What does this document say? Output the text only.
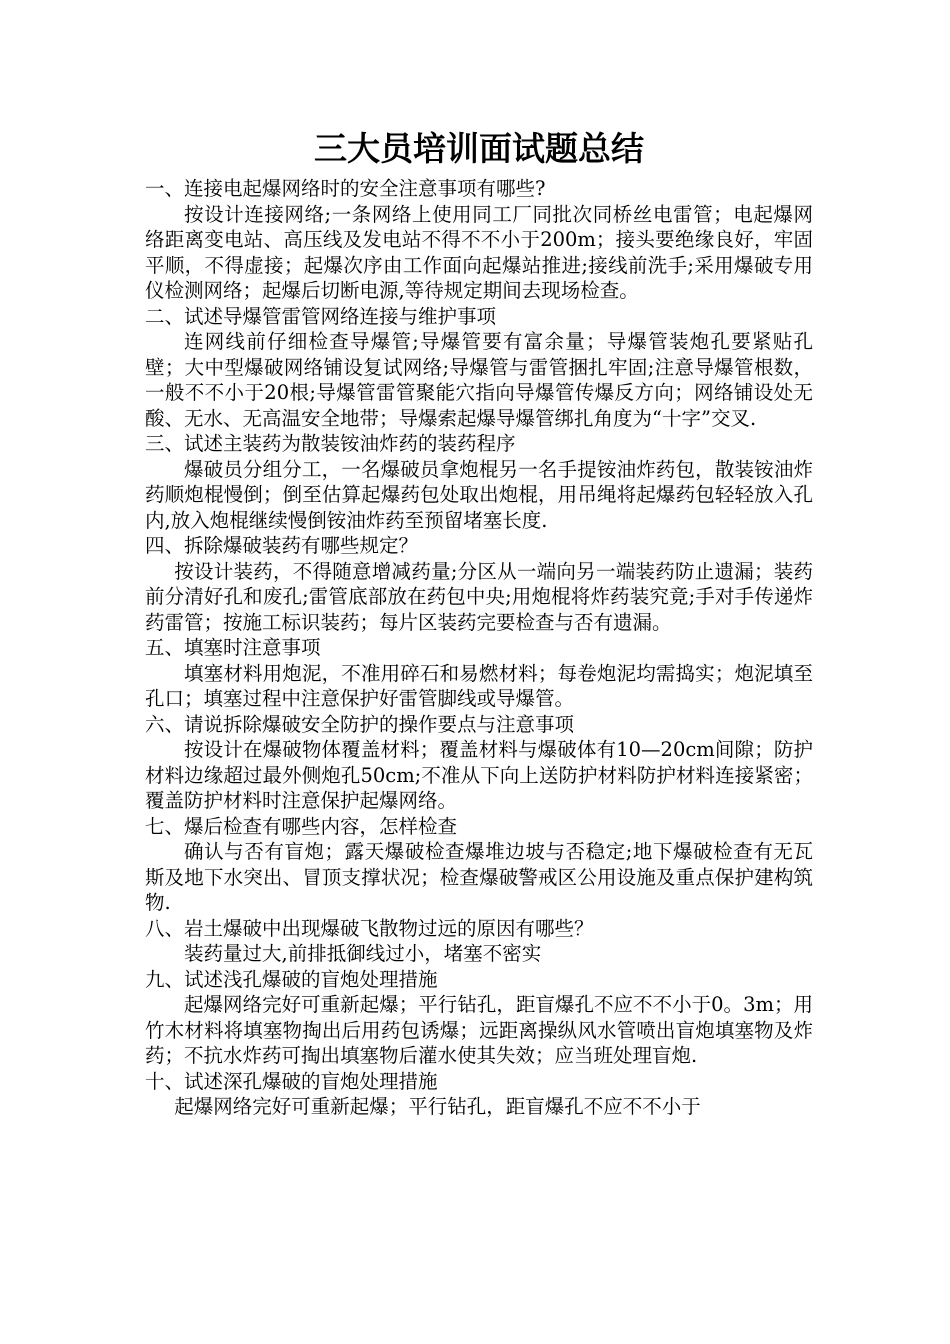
三大员培训面试题总结

一、连接电起爆网络时的安全注意事项有哪些?

按设计连接网络;一条网络上使用同工厂同批次同桥丝电雷管；电起爆网络距离变电站、高压线及发电站不得不不小于200m；接头要绝缘良好，牢固平顺，不得虚接；起爆次序由工作面向起爆站推进;接线前洗手;采用爆破专用仪检测网络；起爆后切断电源,等待规定期间去现场检查。

二、试述导爆管雷管网络连接与维护事项

连网线前仔细检查导爆管;导爆管要有富余量；导爆管装炮孔要紧贴孔壁；大中型爆破网络铺设复试网络;导爆管与雷管捆扎牢固;注意导爆管根数，一般不不小于20根;导爆管雷管聚能穴指向导爆管传爆反方向；网络铺设处无酸、无水、无高温安全地带；导爆索起爆导爆管绑扎角度为“十字”交叉.

三、试述主装药为散装铵油炸药的装药程序

爆破员分组分工，一名爆破员拿炮棍另一名手提铵油炸药包，散装铵油炸药顺炮棍慢倒；倒至估算起爆药包处取出炮棍，用吊绳将起爆药包轻轻放入孔内,放入炮棍继续慢倒铵油炸药至预留堵塞长度.

四、拆除爆破装药有哪些规定？

按设计装药，不得随意增减药量;分区从一端向另一端装药防止遗漏；装药前分清好孔和废孔;雷管底部放在药包中央;用炮棍将炸药装究竟;手对手传递炸药雷管；按施工标识装药；每片区装药完要检查与否有遗漏。

五、填塞时注意事项

填塞材料用炮泥，不准用碎石和易燃材料；每卷炮泥均需捣实；炮泥填至孔口；填塞过程中注意保护好雷管脚线或导爆管。

六、请说拆除爆破安全防护的操作要点与注意事项

按设计在爆破物体覆盖材料；覆盖材料与爆破体有10—20cm间隙；防护材料边缘超过最外侧炮孔50cm;不准从下向上送防护材料防护材料连接紧密；覆盖防护材料时注意保护起爆网络。

七、爆后检查有哪些内容，怎样检查

确认与否有盲炮；露天爆破检查爆堆边坡与否稳定;地下爆破检查有无瓦斯及地下水突出、冒顶支撑状况；检查爆破警戒区公用设施及重点保护建构筑物.

八、岩土爆破中出现爆破飞散物过远的原因有哪些？

装药量过大,前排抵御线过小，堵塞不密实

九、试述浅孔爆破的盲炮处理措施

起爆网络完好可重新起爆；平行钻孔，距盲爆孔不应不不小于0。3m；用竹木材料将填塞物掏出后用药包诱爆；远距离操纵风水管喷出盲炮填塞物及炸药；不抗水炸药可掏出填塞物后灌水使其失效；应当班处理盲炮.

十、试述深孔爆破的盲炮处理措施

起爆网络完好可重新起爆；平行钻孔，距盲爆孔不应不不小于
